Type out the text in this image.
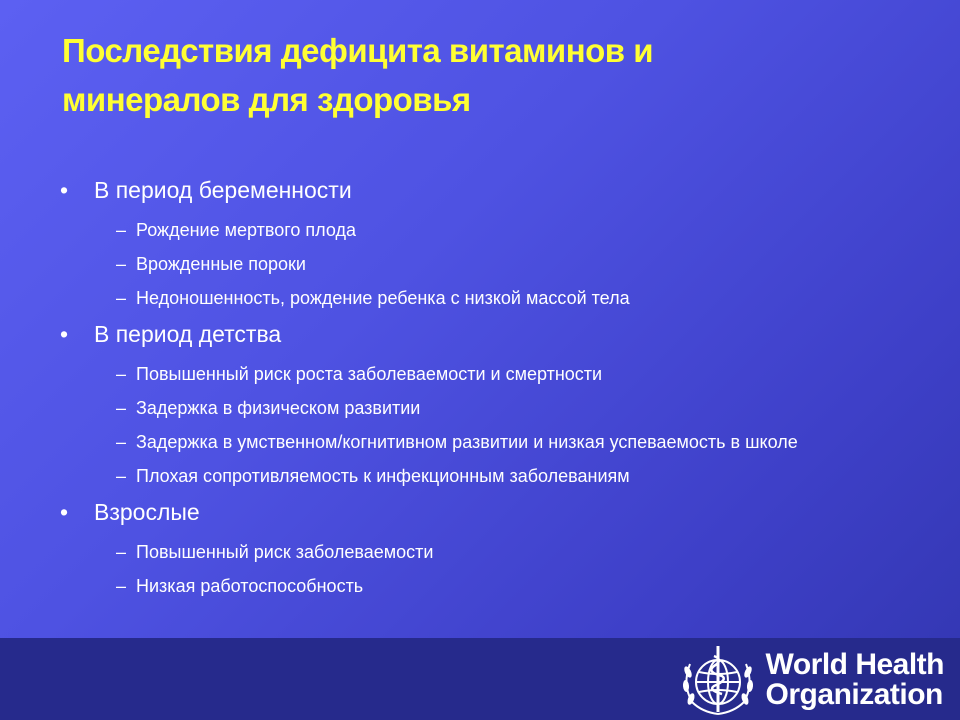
Последствия дефицита витаминов и
минералов для здоровья
• В период беременности
– Рождение мертвого плода
– Врожденные пороки
– Недоношенность, рождение ребенка с низкой массой тела
• В период детства
– Повышенный риск роста заболеваемости и смертности
– Задержка в физическом развитии
– Задержка в умственном/когнитивном развитии и низкая успеваемость в школе
– Плохая сопротивляемость к инфекционным заболеваниям
• Взрослые
– Повышенный риск заболеваемости
– Низкая работоспособность
World Health
Organization
